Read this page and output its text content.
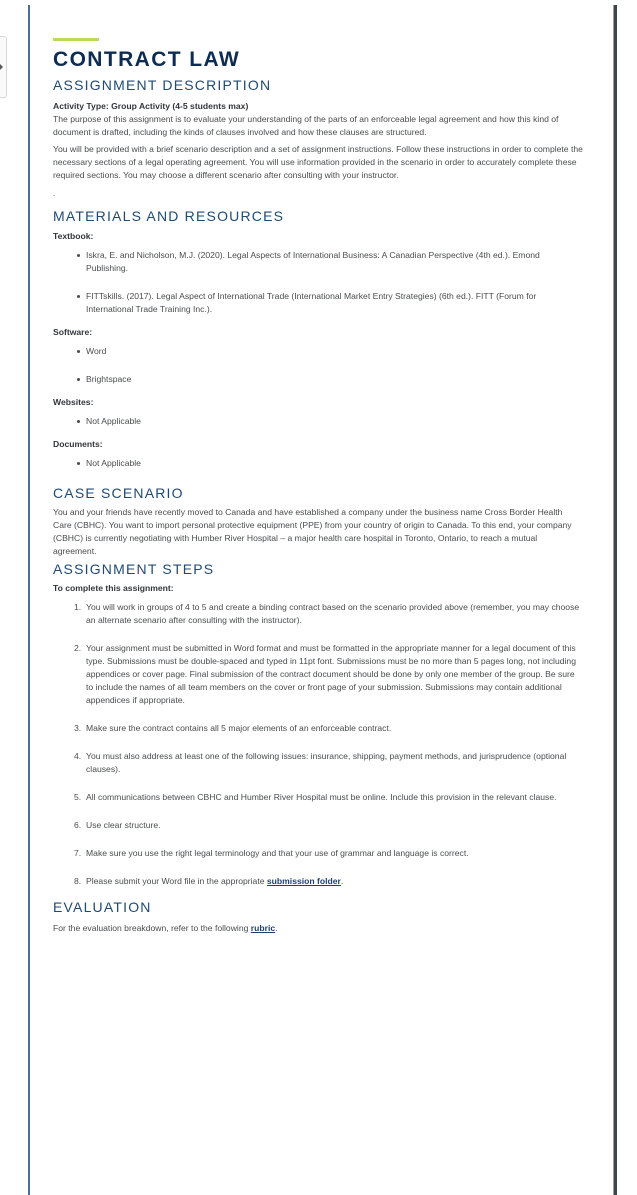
CONTRACT LAW
ASSIGNMENT DESCRIPTION

Activity Type: Group Activity (4-5 students max)

The purpose of this assignment is to evaluate your understanding of the parts of an enforceable legal agreement and how this kind of document is drafted, including the kinds of clauses involved and how these clauses are structured.

You will be provided with a brief scenario description and a set of assignment instructions. Follow these instructions in order to complete the necessary sections of a legal operating agreement. You will use information provided in the scenario in order to accurately complete these required sections. You may choose a different scenario after consulting with your instructor.

.

MATERIALS AND RESOURCES

Textbook:

Iskra, E. and Nicholson, M.J. (2020). Legal Aspects of International Business: A Canadian Perspective (4th ed.). Emond Publishing.
FITTskills. (2017). Legal Aspect of International Trade (International Market Entry Strategies) (6th ed.). FITT (Forum for International Trade Training Inc.).

Software:

Word
Brightspace

Websites:

Not Applicable

Documents:

Not Applicable
CASE SCENARIO

You and your friends have recently moved to Canada and have established a company under the business name Cross Border Health Care (CBHC). You want to import personal protective equipment (PPE) from your country of origin to Canada. To this end, your company (CBHC) is currently negotiating with Humber River Hospital – a major health care hospital in Toronto, Ontario, to reach a mutual agreement.

ASSIGNMENT STEPS

To complete this assignment:

1. You will work in groups of 4 to 5 and create a binding contract based on the scenario provided above (remember, you may choose an alternate scenario after consulting with the instructor).
2. Your assignment must be submitted in Word format and must be formatted in the appropriate manner for a legal document of this type. Submissions must be double-spaced and typed in 11pt font. Submissions must be no more than 5 pages long, not including appendices or cover page. Final submission of the contract document should be done by only one member of the group. Be sure to include the names of all team members on the cover or front page of your submission. Submissions may contain additional appendices if appropriate.
3. Make sure the contract contains all 5 major elements of an enforceable contract.
4. You must also address at least one of the following issues: insurance, shipping, payment methods, and jurisprudence (optional clauses).
5. All communications between CBHC and Humber River Hospital must be online. Include this provision in the relevant clause.
6. Use clear structure.
7. Make sure you use the right legal terminology and that your use of grammar and language is correct.
8. Please submit your Word file in the appropriate submission folder.
EVALUATION

For the evaluation breakdown, refer to the following rubric.
